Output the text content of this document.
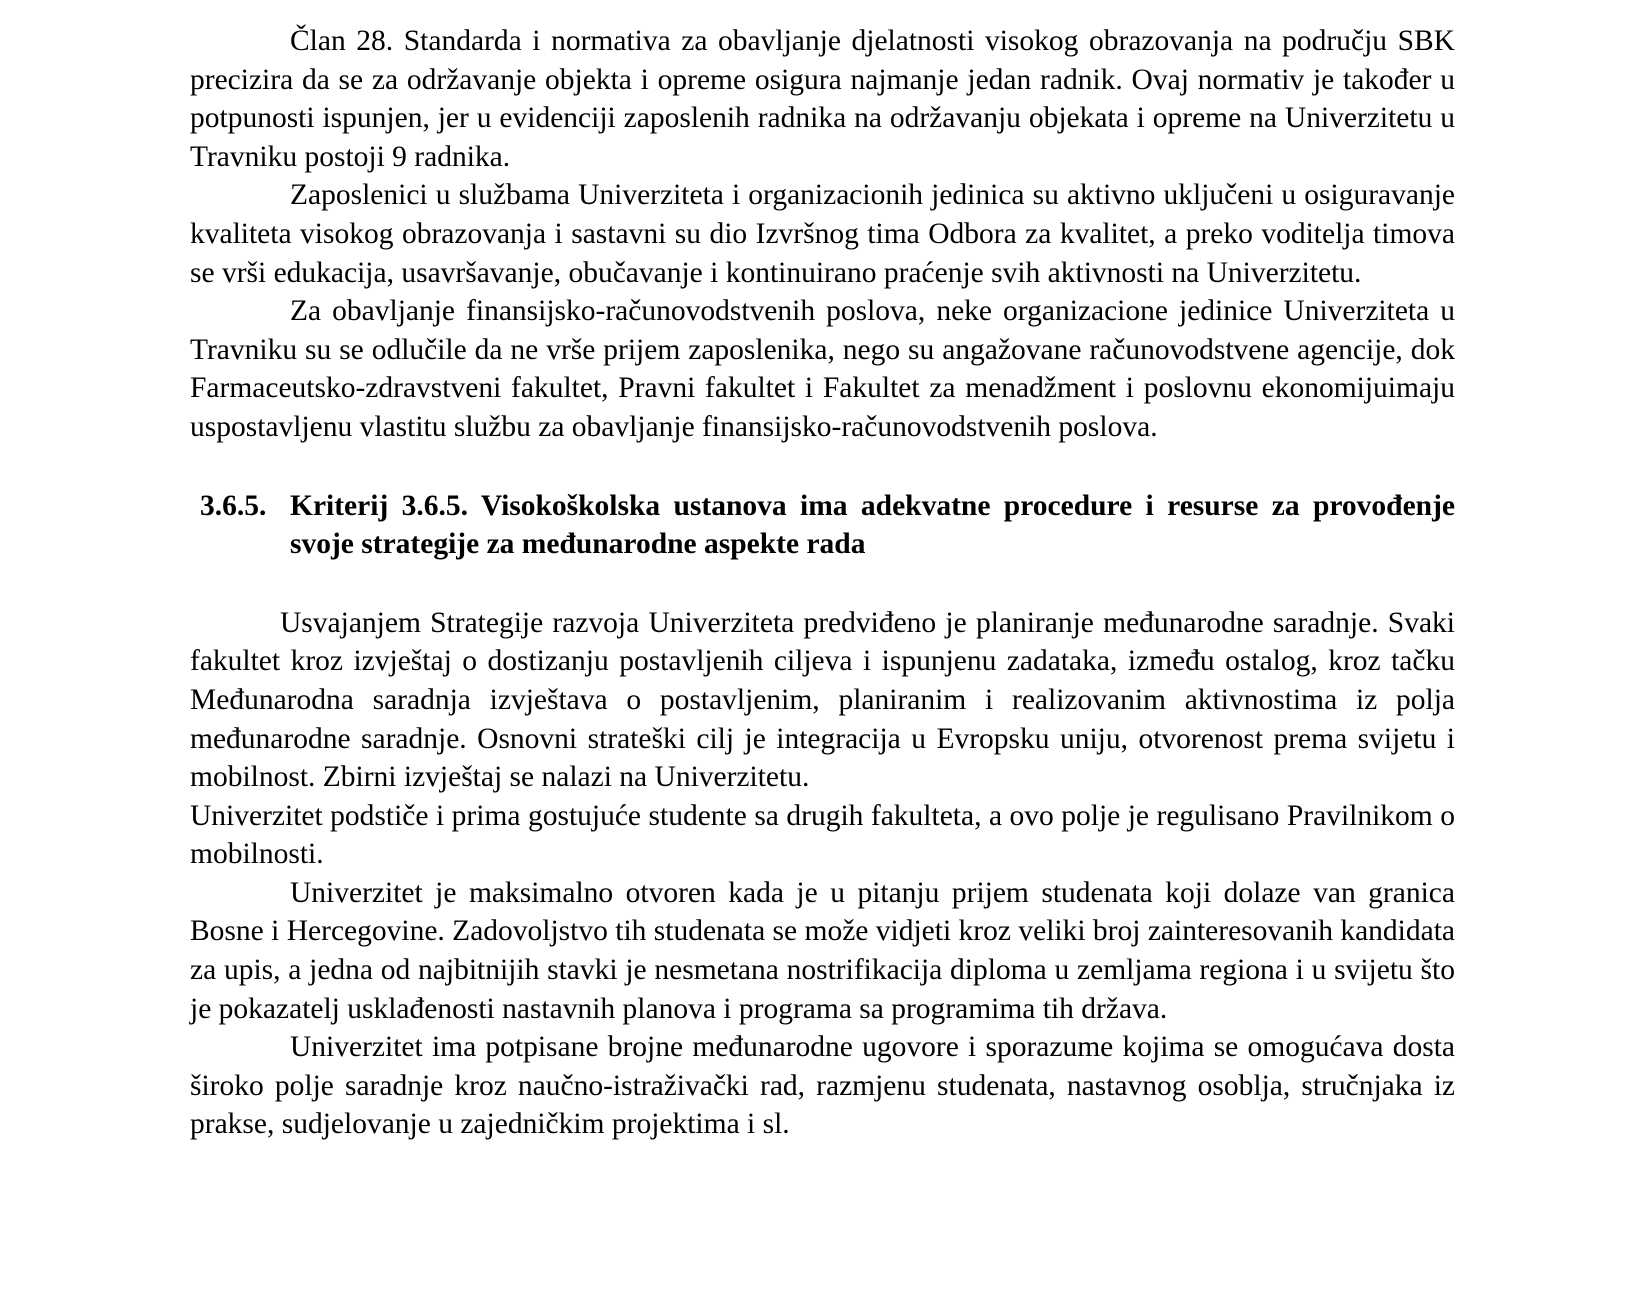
Član 28. Standarda i normativa za obavljanje djelatnosti visokog obrazovanja na području SBK precizira da se za održavanje objekta i opreme osigura najmanje jedan radnik. Ovaj normativ je također u potpunosti ispunjen, jer u evidenciji zaposlenih radnika na održavanju objekata i opreme na Univerzitetu u Travniku postoji 9 radnika.

Zaposlenici u službama Univerziteta i organizacionih jedinica su aktivno uključeni u osiguravanje kvaliteta visokog obrazovanja i sastavni su dio Izvršnog tima Odbora za kvalitet, a preko voditelja timova se vrši edukacija, usavršavanje, obučavanje i kontinuirano praćenje svih aktivnosti na Univerzitetu.

Za obavljanje finansijsko-računovodstvenih poslova, neke organizacione jedinice Univerziteta u Travniku su se odlučile da ne vrše prijem zaposlenika, nego su angažovane računovodstvene agencije, dok Farmaceutsko-zdravstveni fakultet, Pravni fakultet i Fakultet za menadžment i poslovnu ekonomijuimaju uspostavljenu vlastitu službu za obavljanje finansijsko-računovodstvenih poslova.

3.6.5. Kriterij 3.6.5. Visokoškolska ustanova ima adekvatne procedure i resurse za provođenje svoje strategije za međunarodne aspekte rada

Usvajanjem Strategije razvoja Univerziteta predviđeno je planiranje međunarodne saradnje. Svaki fakultet kroz izvještaj o dostizanju postavljenih ciljeva i ispunjenu zadataka, između ostalog, kroz tačku Međunarodna saradnja izvještava o postavljenim, planiranim i realizovanim aktivnostima iz polja međunarodne saradnje. Osnovni strateški cilj je integracija u Evropsku uniju, otvorenost prema svijetu i mobilnost. Zbirni izvještaj se nalazi na Univerzitetu.

Univerzitet podstiče i prima gostujuće studente sa drugih fakulteta, a ovo polje je regulisano Pravilnikom o mobilnosti.

Univerzitet je maksimalno otvoren kada je u pitanju prijem studenata koji dolaze van granica Bosne i Hercegovine. Zadovoljstvo tih studenata se može vidjeti kroz veliki broj zainteresovanih kandidata za upis, a jedna od najbitnijih stavki je nesmetana nostrifikacija diploma u zemljama regiona i u svijetu što je pokazatelj usklađenosti nastavnih planova i programa sa programima tih država.

Univerzitet ima potpisane brojne međunarodne ugovore i sporazume kojima se omogućava dosta široko polje saradnje kroz naučno-istraživački rad, razmjenu studenata, nastavnog osoblja, stručnjaka iz prakse, sudjelovanje u zajedničkim projektima i sl.
